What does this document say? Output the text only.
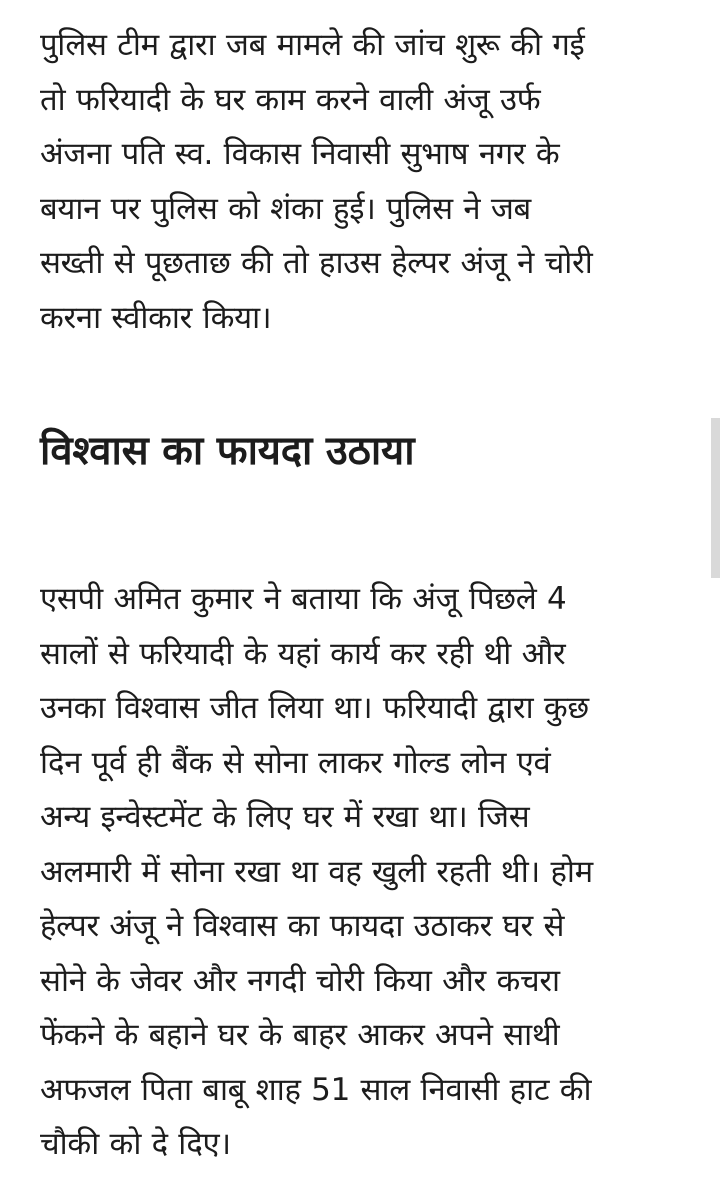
पुलिस टीम द्वारा जब मामले की जांच शुरू की गई
तो फरियादी के घर काम करने वाली अंजू उर्फ
अंजना पति स्व. विकास निवासी सुभाष नगर के
बयान पर पुलिस को शंका हुई। पुलिस ने जब
सख्ती से पूछताछ की तो हाउस हेल्पर अंजू ने चोरी
करना स्वीकार किया।

विश्वास का फायदा उठाया

एसपी अमित कुमार ने बताया कि अंजू पिछले 4
सालों से फरियादी के यहां कार्य कर रही थी और
उनका विश्वास जीत लिया था। फरियादी द्वारा कुछ
दिन पूर्व ही बैंक से सोना लाकर गोल्ड लोन एवं
अन्य इन्वेस्टमेंट के लिए घर में रखा था। जिस
अलमारी में सोना रखा था वह खुली रहती थी। होम
हेल्पर अंजू ने विश्वास का फायदा उठाकर घर से
सोने के जेवर और नगदी चोरी किया और कचरा
फेंकने के बहाने घर के बाहर आकर अपने साथी
अफजल पिता बाबू शाह 51 साल निवासी हाट की
चौकी को दे दिए।
